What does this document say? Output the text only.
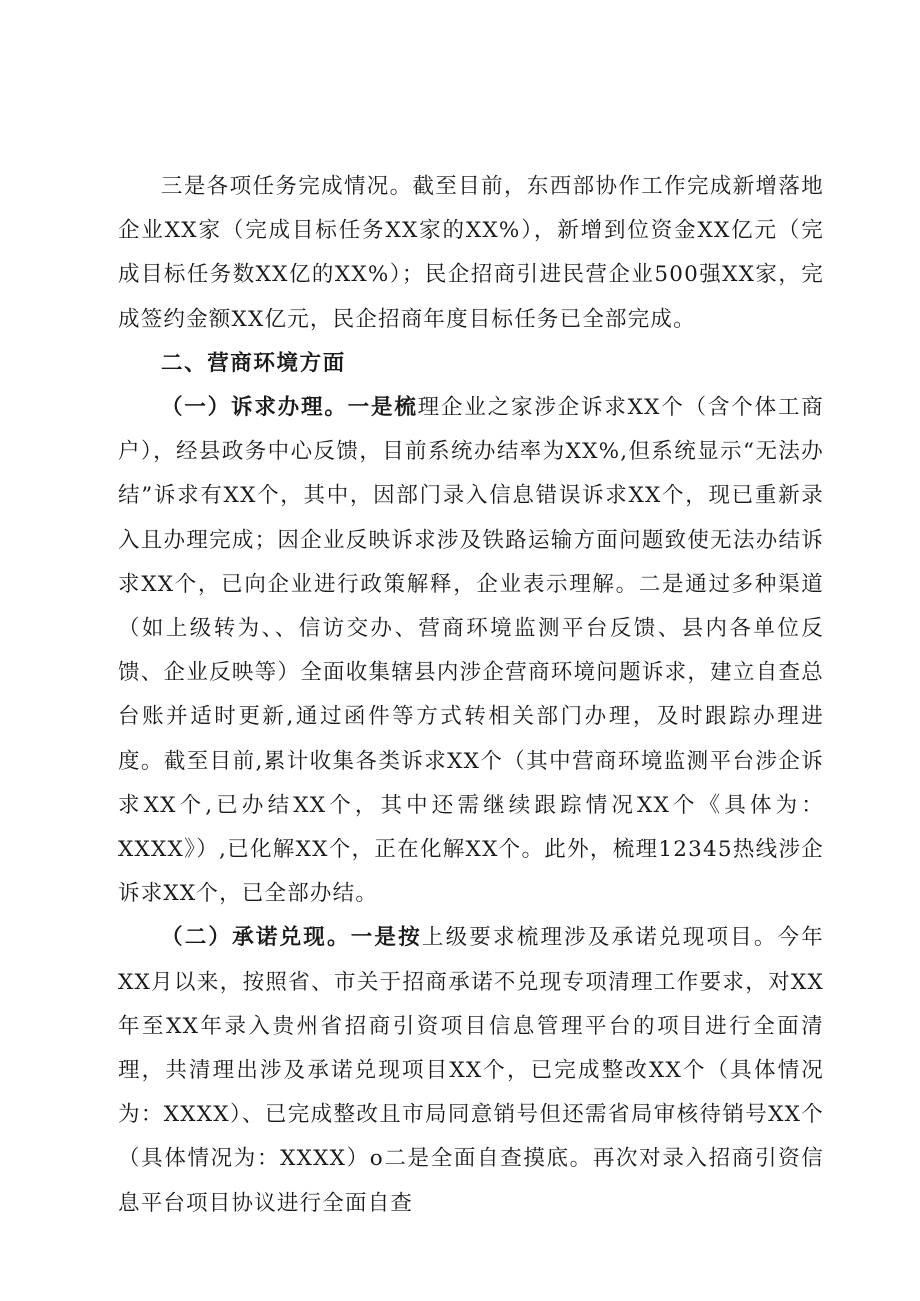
三是各项任务完成情况。截至目前，东西部协作工作完成新增落地企业XX家（完成目标任务XX家的XX%），新增到位资金XX亿元（完成目标任务数XX亿的XX%）；民企招商引进民营企业500强XX家，完成签约金额XX亿元，民企招商年度目标任务已全部完成。

二、营商环境方面

（一）诉求办理。一是梳理企业之家涉企诉求XX个（含个体工商户），经县政务中心反馈，目前系统办结率为XX%,但系统显示“无法办结”诉求有XX个，其中，因部门录入信息错误诉求XX个，现已重新录入且办理完成；因企业反映诉求涉及铁路运输方面问题致使无法办结诉求XX个，已向企业进行政策解释，企业表示理解。二是通过多种渠道（如上级转为、、信访交办、营商环境监测平台反馈、县内各单位反馈、企业反映等）全面收集辖县内涉企营商环境问题诉求，建立自查总台账并适时更新,通过函件等方式转相关部门办理，及时跟踪办理进度。截至目前,累计收集各类诉求XX个（其中营商环境监测平台涉企诉求XX个,已办结XX个，其中还需继续跟踪情况XX个《具体为：XXXX》）,已化解XX个，正在化解XX个。此外，梳理12345热线涉企诉求XX个，已全部办结。

（二）承诺兑现。一是按上级要求梳理涉及承诺兑现项目。今年XX月以来，按照省、市关于招商承诺不兑现专项清理工作要求，对XX年至XX年录入贵州省招商引资项目信息管理平台的项目进行全面清理，共清理出涉及承诺兑现项目XX个，已完成整改XX个（具体情况为：XXXX）、已完成整改且市局同意销号但还需省局审核待销号XX个（具体情况为：XXXX）o二是全面自查摸底。再次对录入招商引资信息平台项目协议进行全面自查
